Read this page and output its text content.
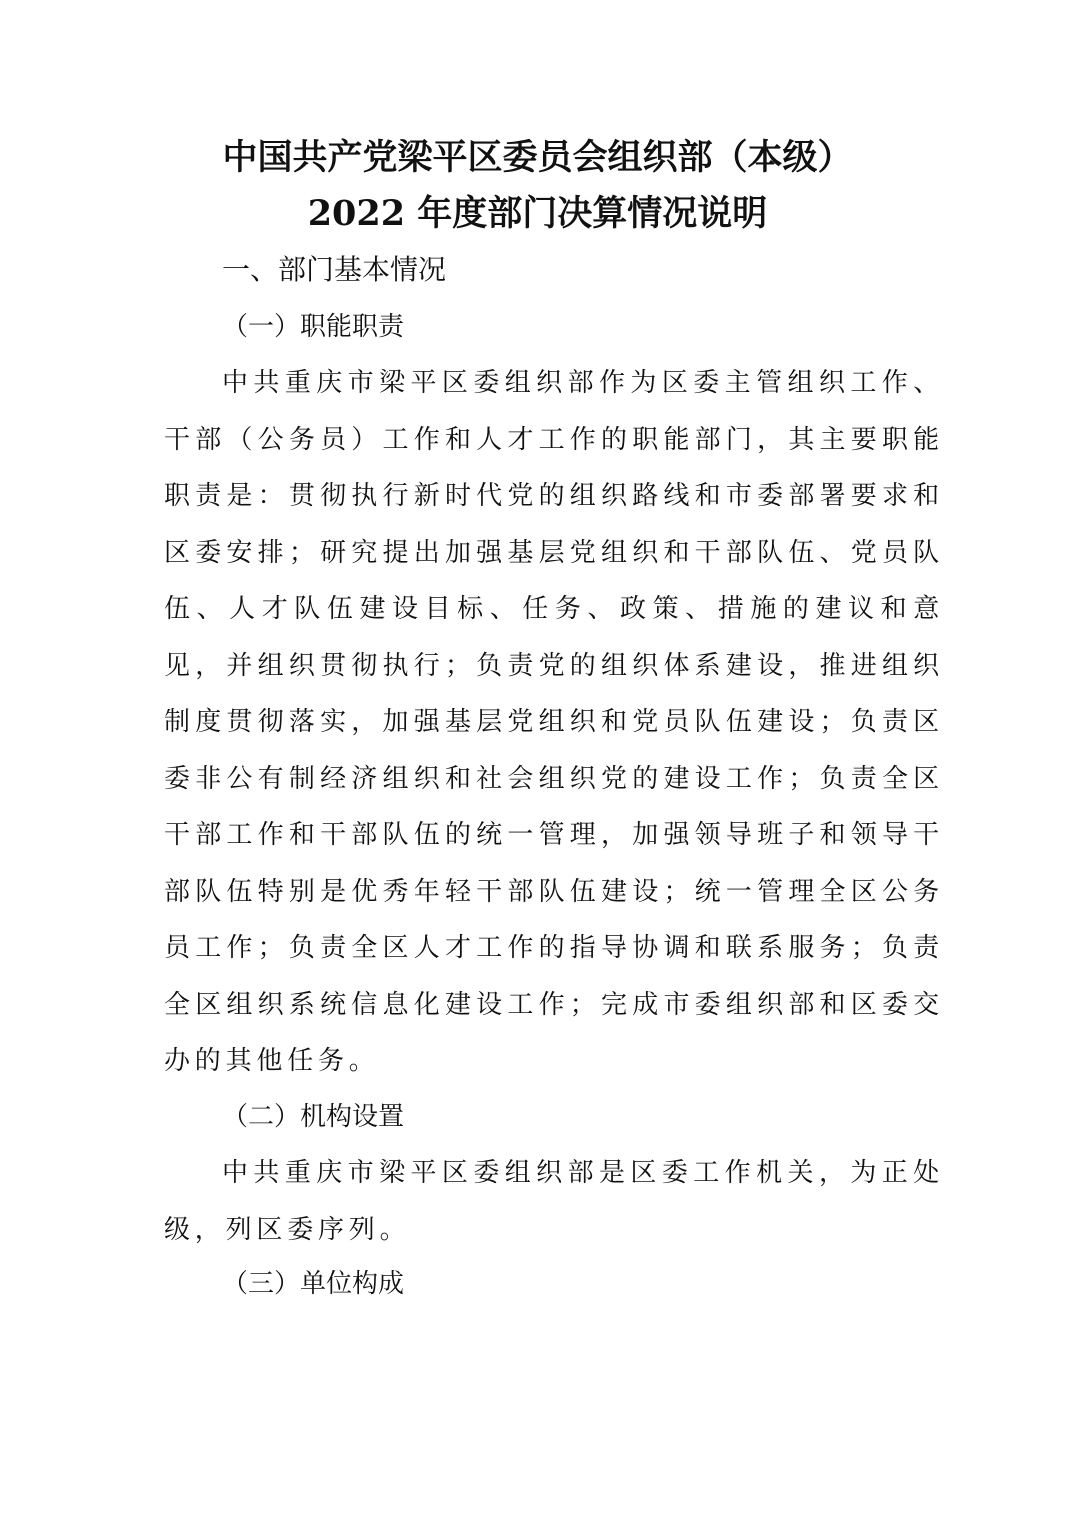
中国共产党梁平区委员会组织部（本级）
2022 年度部门决算情况说明
一、部门基本情况
（一）职能职责

中共重庆市梁平区委组织部作为区委主管组织工作、干部（公务员）工作和人才工作的职能部门，其主要职能职责是：贯彻执行新时代党的组织路线和市委部署要求和区委安排；研究提出加强基层党组织和干部队伍、党员队伍、人才队伍建设目标、任务、政策、措施的建议和意见，并组织贯彻执行；负责党的组织体系建设，推进组织制度贯彻落实，加强基层党组织和党员队伍建设；负责区委非公有制经济组织和社会组织党的建设工作；负责全区干部工作和干部队伍的统一管理，加强领导班子和领导干部队伍特别是优秀年轻干部队伍建设；统一管理全区公务员工作；负责全区人才工作的指导协调和联系服务；负责全区组织系统信息化建设工作；完成市委组织部和区委交办的其他任务。

（二）机构设置

中共重庆市梁平区委组织部是区委工作机关，为正处级，列区委序列。

（三）单位构成
